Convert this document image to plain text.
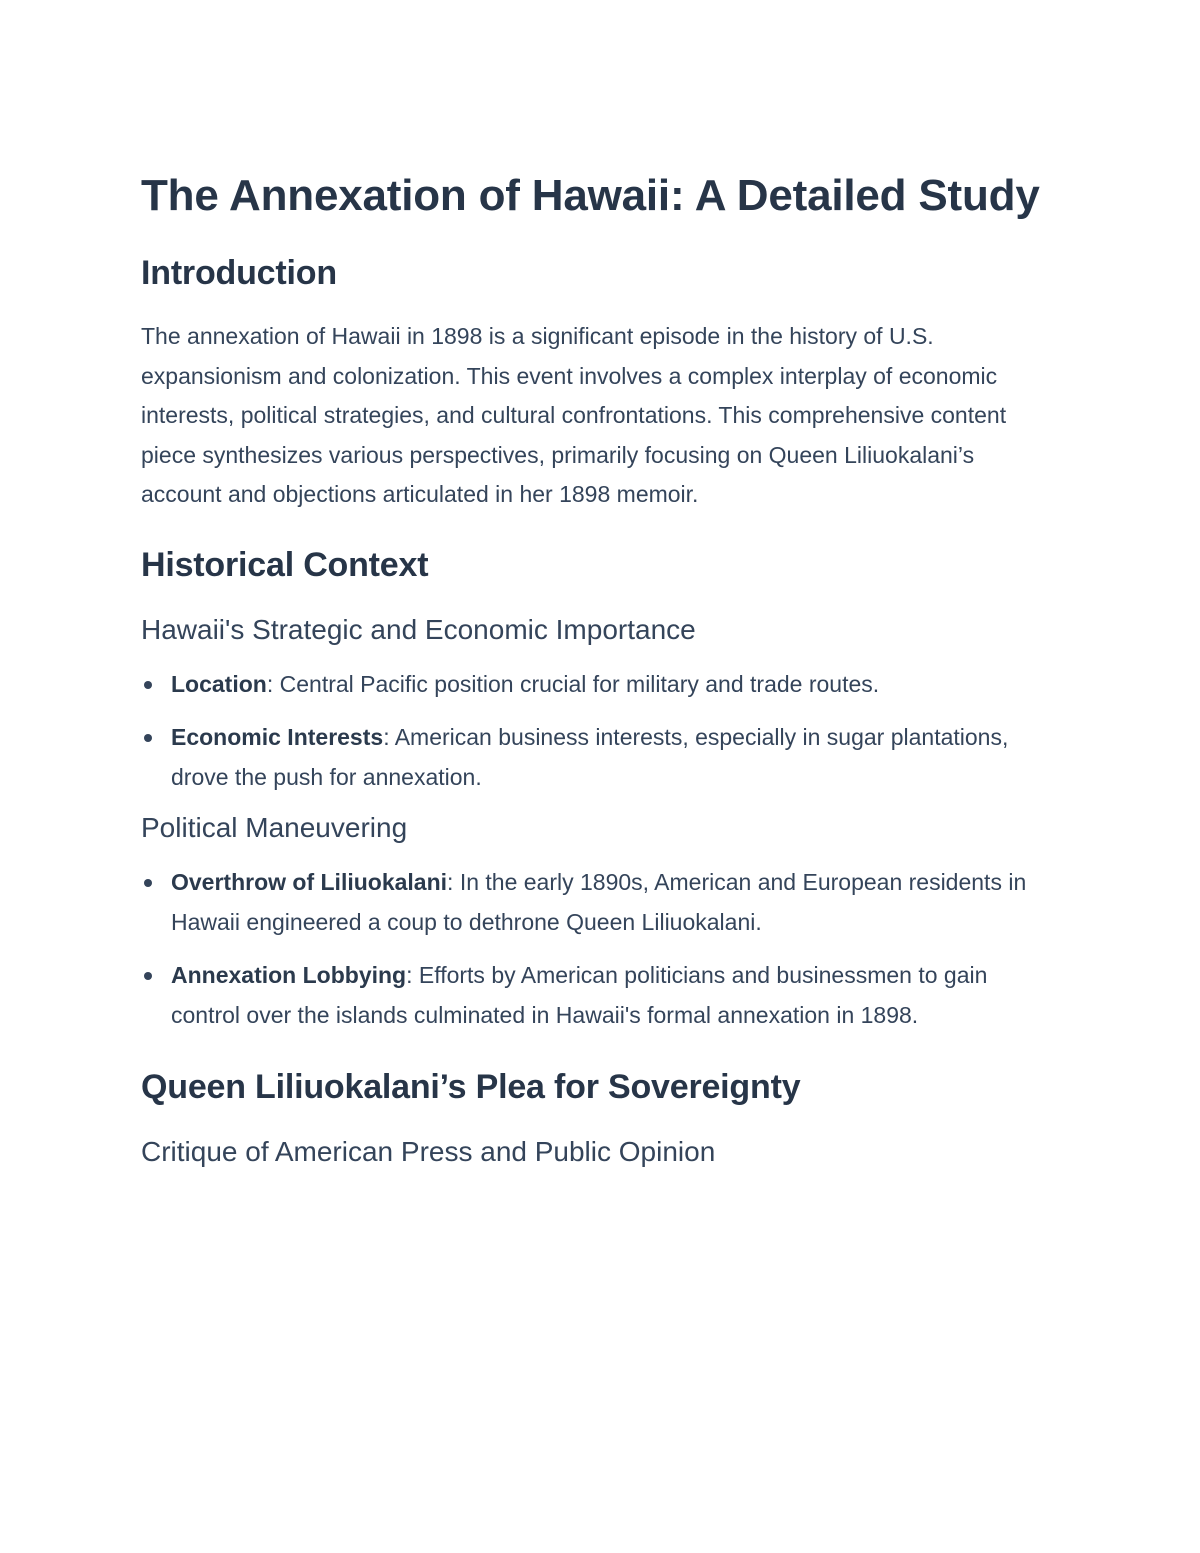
The Annexation of Hawaii: A Detailed Study
Introduction

The annexation of Hawaii in 1898 is a significant episode in the history of U.S. expansionism and colonization. This event involves a complex interplay of economic interests, political strategies, and cultural confrontations. This comprehensive content piece synthesizes various perspectives, primarily focusing on Queen Liliuokalani’s account and objections articulated in her 1898 memoir.

Historical Context
Hawaii's Strategic and Economic Importance
Location: Central Pacific position crucial for military and trade routes.
Economic Interests: American business interests, especially in sugar plantations, drove the push for annexation.
Political Maneuvering
Overthrow of Liliuokalani: In the early 1890s, American and European residents in Hawaii engineered a coup to dethrone Queen Liliuokalani.
Annexation Lobbying: Efforts by American politicians and businessmen to gain control over the islands culminated in Hawaii's formal annexation in 1898.
Queen Liliuokalani’s Plea for Sovereignty
Critique of American Press and Public Opinion
